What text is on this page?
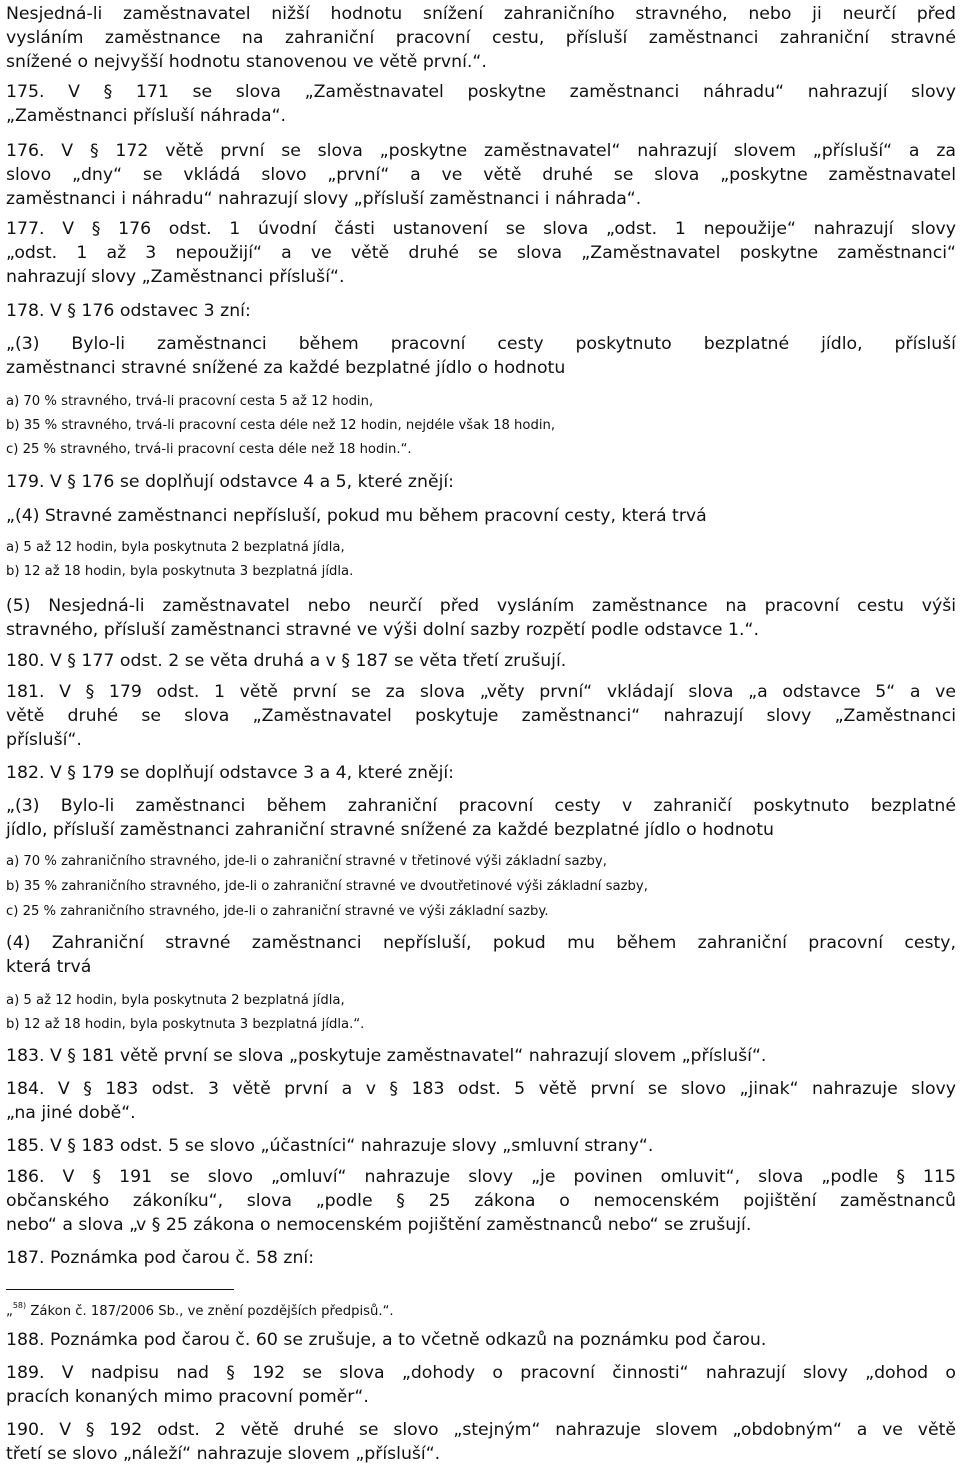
Nesjedná-li zaměstnavatel nižší hodnotu snížení zahraničního stravného, nebo ji neurčí před
vysláním zaměstnance na zahraniční pracovní cestu, přísluší zaměstnanci zahraniční stravné
snížené o nejvyšší hodnotu stanovenou ve větě první.“.
175. V § 171 se slova „Zaměstnavatel poskytne zaměstnanci náhradu“ nahrazují slovy
„Zaměstnanci přísluší náhrada“.
176. V § 172 větě první se slova „poskytne zaměstnavatel“ nahrazují slovem „přísluší“ a za
slovo „dny“ se vkládá slovo „první“ a ve větě druhé se slova „poskytne zaměstnavatel
zaměstnanci i náhradu“ nahrazují slovy „přísluší zaměstnanci i náhrada“.
177. V § 176 odst. 1 úvodní části ustanovení se slova „odst. 1 nepoužije“ nahrazují slovy
„odst. 1 až 3 nepoužijí“ a ve větě druhé se slova „Zaměstnavatel poskytne zaměstnanci“
nahrazují slovy „Zaměstnanci přísluší“.
178. V § 176 odstavec 3 zní:
„(3) Bylo-li zaměstnanci během pracovní cesty poskytnuto bezplatné jídlo, přísluší
zaměstnanci stravné snížené za každé bezplatné jídlo o hodnotu
a) 70 % stravného, trvá-li pracovní cesta 5 až 12 hodin,
b) 35 % stravného, trvá-li pracovní cesta déle než 12 hodin, nejdéle však 18 hodin,
c) 25 % stravného, trvá-li pracovní cesta déle než 18 hodin.“.
179. V § 176 se doplňují odstavce 4 a 5, které znějí:
„(4) Stravné zaměstnanci nepřísluší, pokud mu během pracovní cesty, která trvá
a) 5 až 12 hodin, byla poskytnuta 2 bezplatná jídla,
b) 12 až 18 hodin, byla poskytnuta 3 bezplatná jídla.
(5) Nesjedná-li zaměstnavatel nebo neurčí před vysláním zaměstnance na pracovní cestu výši
stravného, přísluší zaměstnanci stravné ve výši dolní sazby rozpětí podle odstavce 1.“.
180. V § 177 odst. 2 se věta druhá a v § 187 se věta třetí zrušují.
181. V § 179 odst. 1 větě první se za slova „věty první“ vkládají slova „a odstavce 5“ a ve
větě druhé se slova „Zaměstnavatel poskytuje zaměstnanci“ nahrazují slovy „Zaměstnanci
přísluší“.
182. V § 179 se doplňují odstavce 3 a 4, které znějí:
„(3) Bylo-li zaměstnanci během zahraniční pracovní cesty v zahraničí poskytnuto bezplatné
jídlo, přísluší zaměstnanci zahraniční stravné snížené za každé bezplatné jídlo o hodnotu
a) 70 % zahraničního stravného, jde-li o zahraniční stravné v třetinové výši základní sazby,
b) 35 % zahraničního stravného, jde-li o zahraniční stravné ve dvoutřetinové výši základní sazby,
c) 25 % zahraničního stravného, jde-li o zahraniční stravné ve výši základní sazby.
(4) Zahraniční stravné zaměstnanci nepřísluší, pokud mu během zahraniční pracovní cesty,
která trvá
a) 5 až 12 hodin, byla poskytnuta 2 bezplatná jídla,
b) 12 až 18 hodin, byla poskytnuta 3 bezplatná jídla.“.
183. V § 181 větě první se slova „poskytuje zaměstnavatel“ nahrazují slovem „přísluší“.
184. V § 183 odst. 3 větě první a v § 183 odst. 5 větě první se slovo „jinak“ nahrazuje slovy
„na jiné době“.
185. V § 183 odst. 5 se slovo „účastníci“ nahrazuje slovy „smluvní strany“.
186. V § 191 se slovo „omluví“ nahrazuje slovy „je povinen omluvit“, slova „podle § 115
občanského zákoníku“, slova „podle § 25 zákona o nemocenském pojištění zaměstnanců
nebo“ a slova „v § 25 zákona o nemocenském pojištění zaměstnanců nebo“ se zrušují.
187. Poznámka pod čarou č. 58 zní:
„$^{58)}$ Zákon č. 187/2006 Sb., ve znění pozdějších předpisů.“.
188. Poznámka pod čarou č. 60 se zrušuje, a to včetně odkazů na poznámku pod čarou.
189. V nadpisu nad § 192 se slova „dohody o pracovní činnosti“ nahrazují slovy „dohod o
pracích konaných mimo pracovní poměr“.
190. V § 192 odst. 2 větě druhé se slovo „stejným“ nahrazuje slovem „obdobným“ a ve větě
třetí se slovo „náleží“ nahrazuje slovem „přísluší“.
